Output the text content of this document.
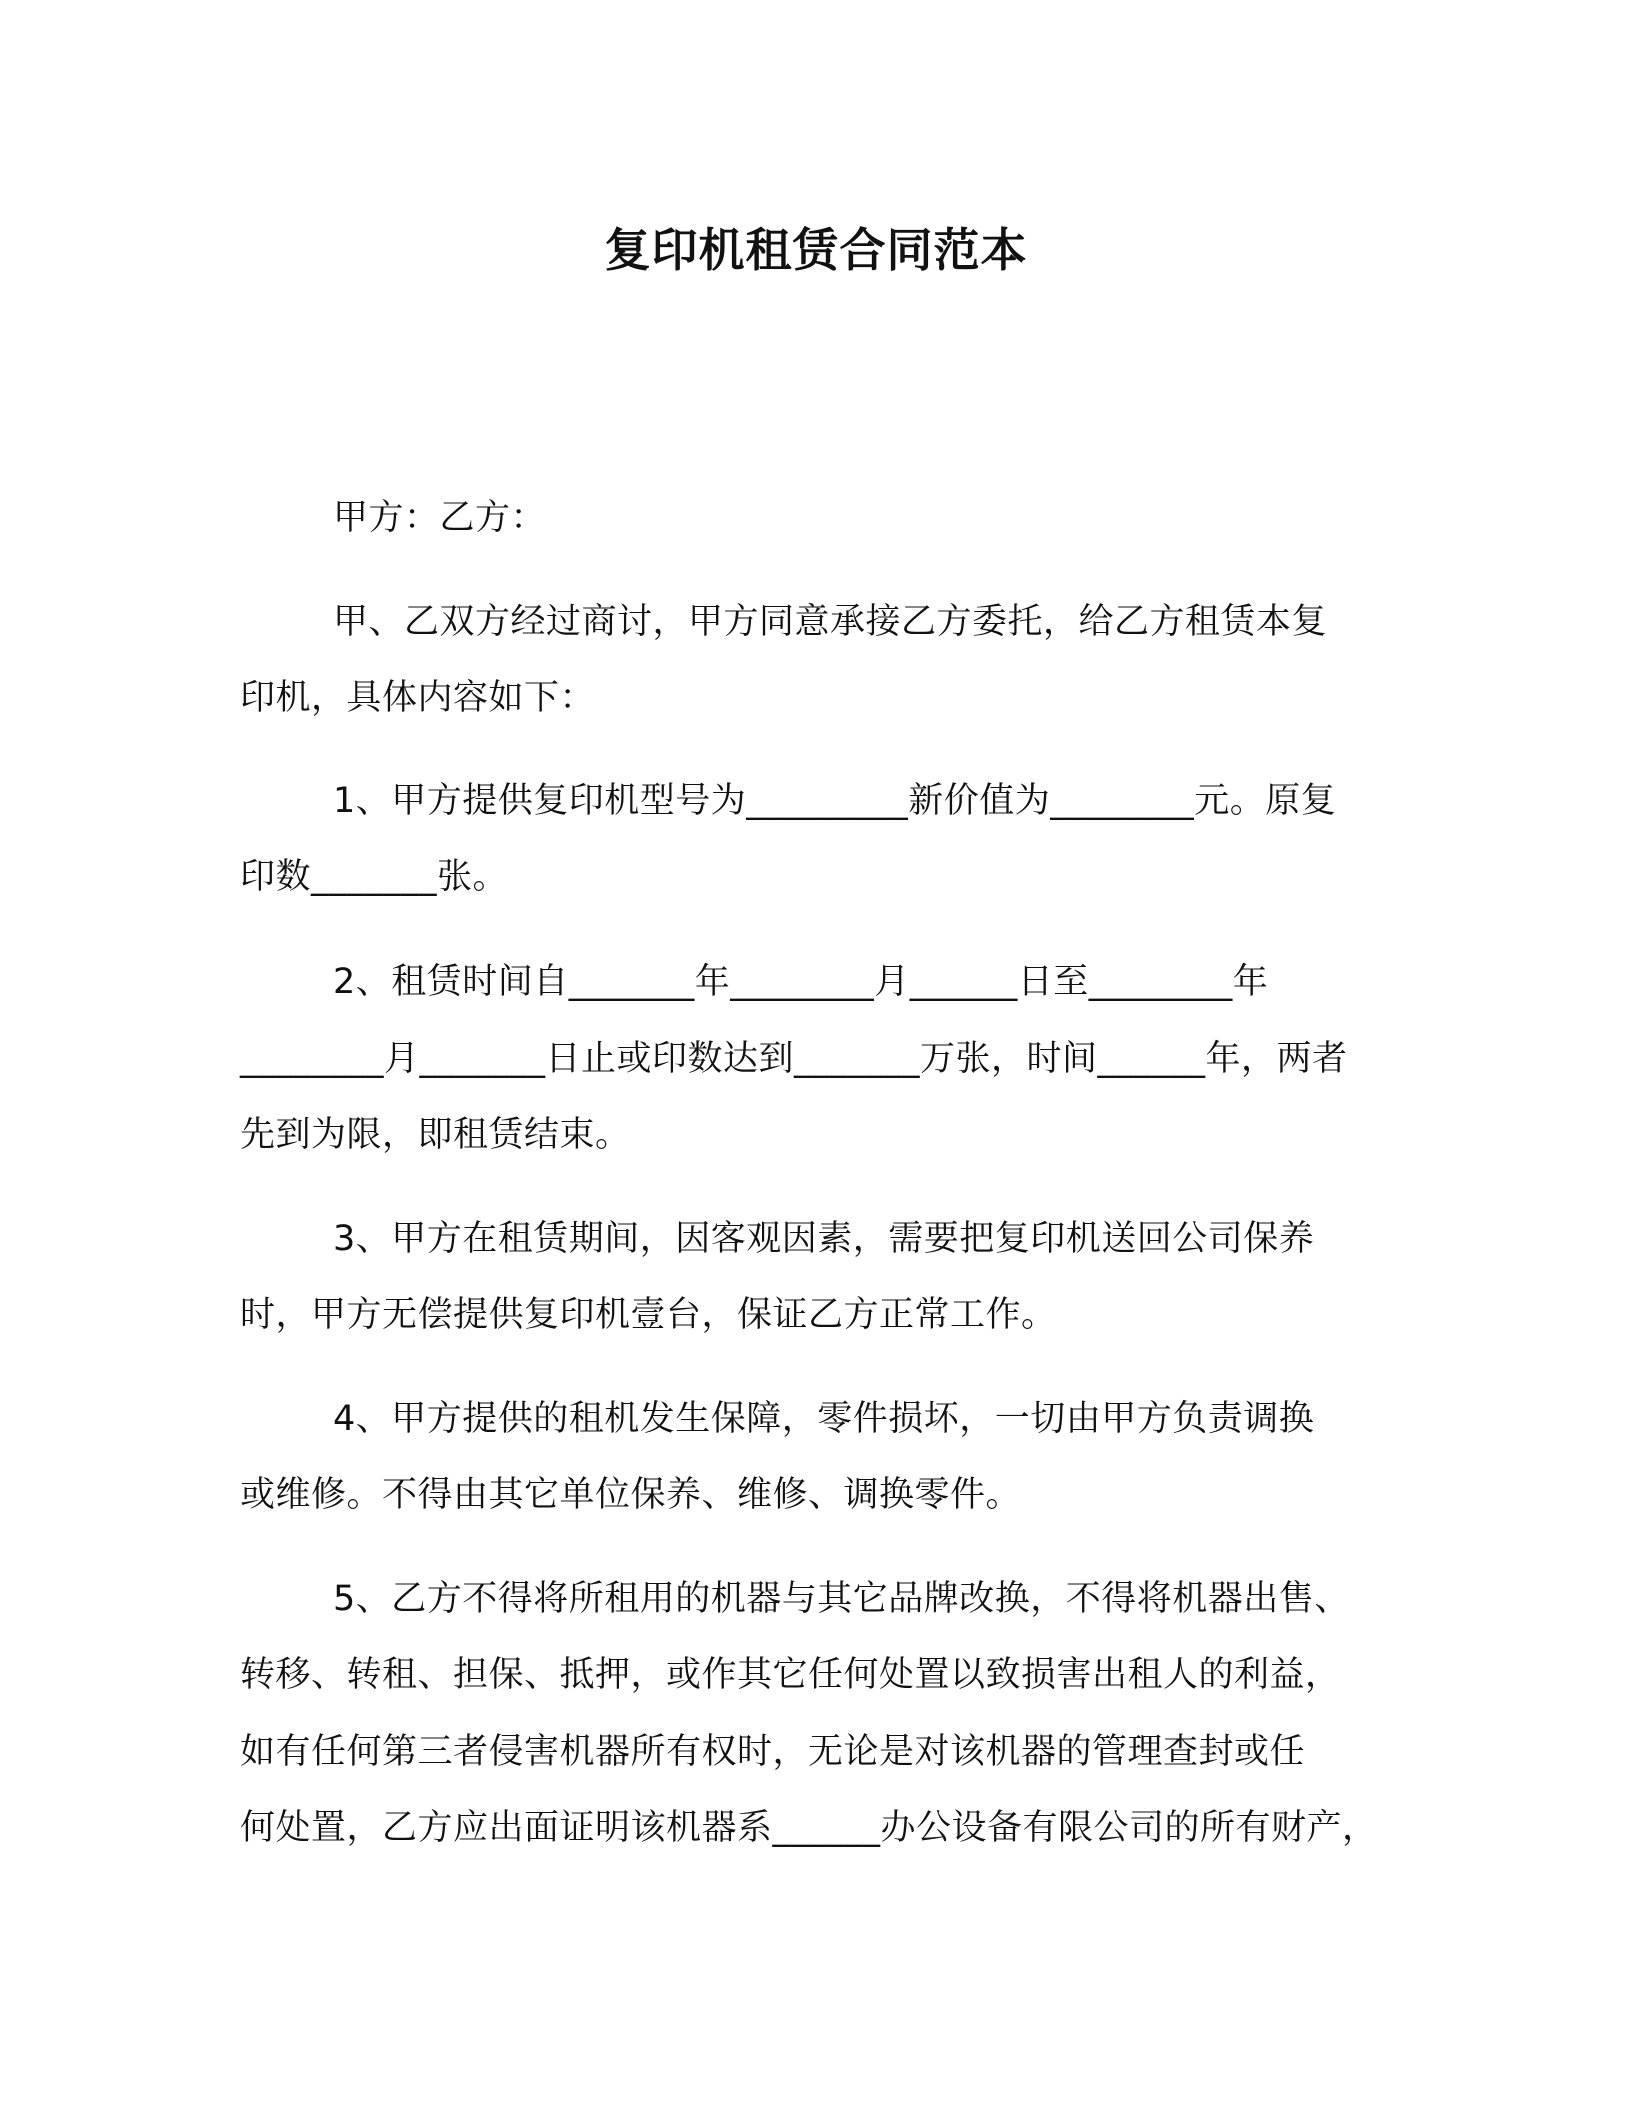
复印机租赁合同范本

甲方：乙方：

甲、乙双方经过商讨，甲方同意承接乙方委托，给乙方租赁本复

印机，具体内容如下：

1、甲方提供复印机型号为_________新价值为________元。原复

印数_______张。

2、租赁时间自_______年________月______日至________年

________月_______日止或印数达到_______万张，时间______年，两者

先到为限，即租赁结束。

3、甲方在租赁期间，因客观因素，需要把复印机送回公司保养

时，甲方无偿提供复印机壹台，保证乙方正常工作。

4、甲方提供的租机发生保障，零件损坏，一切由甲方负责调换

或维修。不得由其它单位保养、维修、调换零件。

5、乙方不得将所租用的机器与其它品牌改换，不得将机器出售、

转移、转租、担保、抵押，或作其它任何处置以致损害出租人的利益，

如有任何第三者侵害机器所有权时，无论是对该机器的管理查封或任

何处置，乙方应出面证明该机器系______办公设备有限公司的所有财产，
